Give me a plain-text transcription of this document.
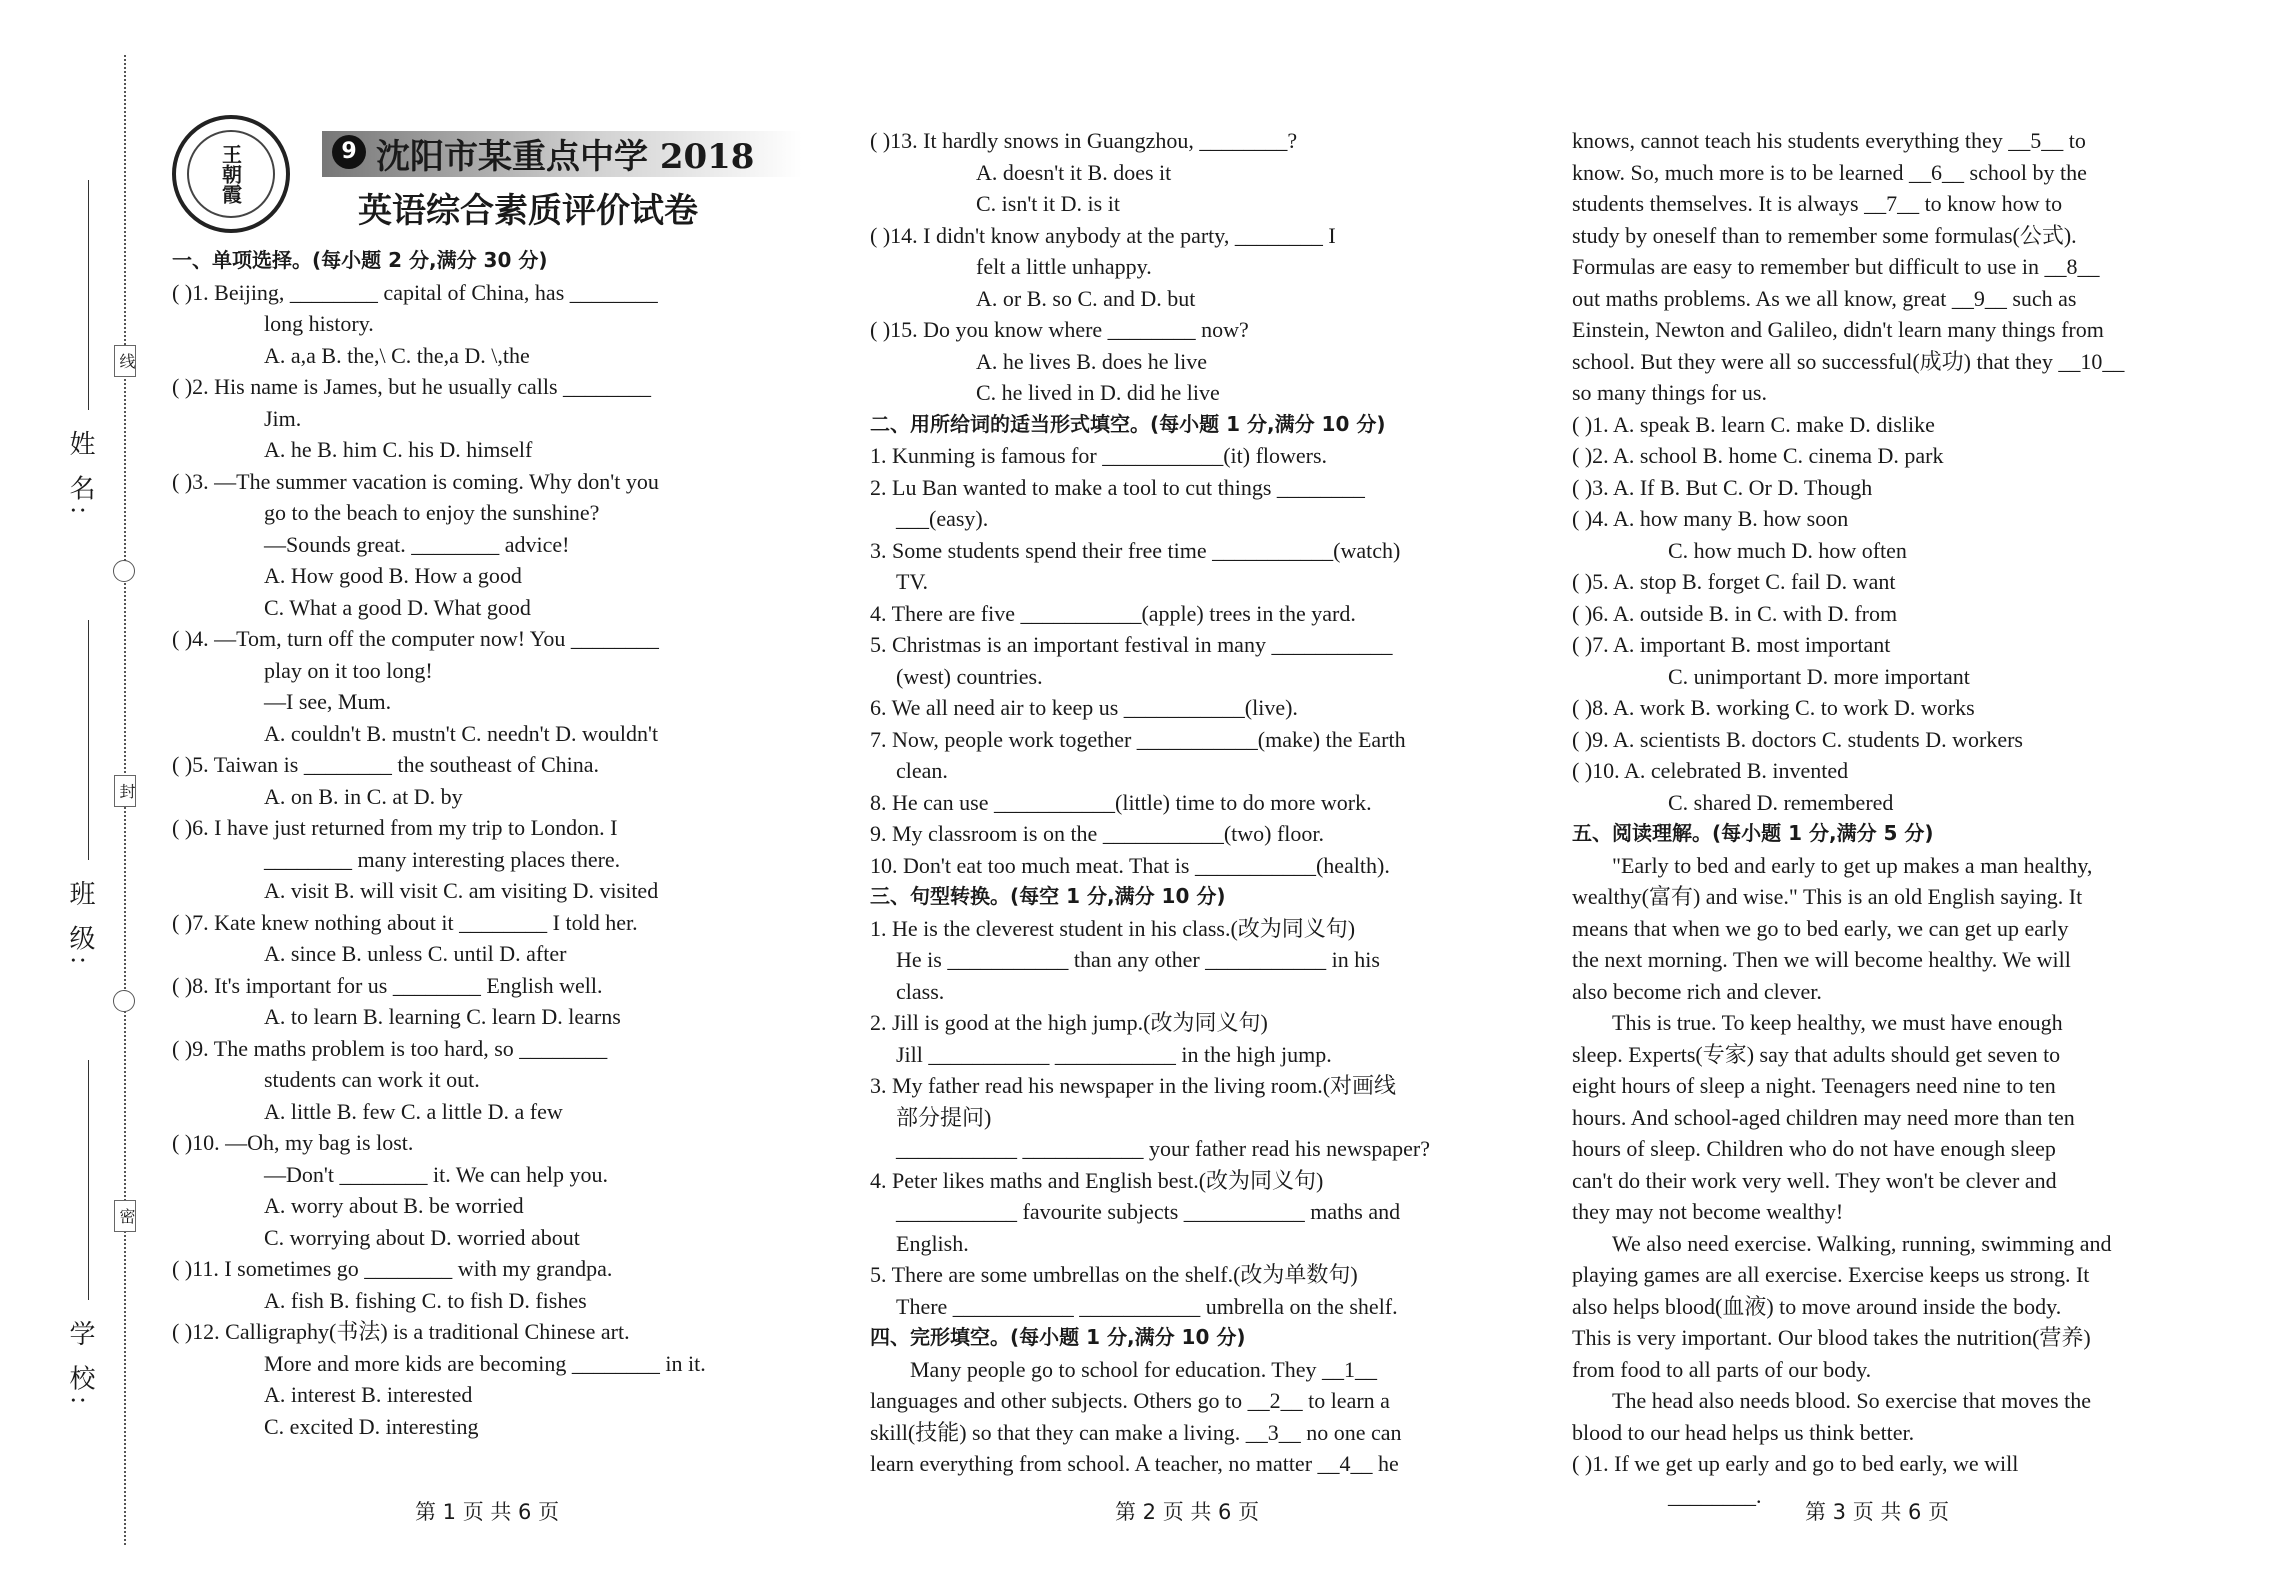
姓 名:
班 级:
学 校:
线
封
密
王朝霞	9 沈阳市某重点中学 2018
英语综合素质评价试卷
一、单项选择。(每小题 2 分,满分 30 分)
( )1. Beijing, ________ capital of China, has ________
long history.
A. a,a B. the,\ C. the,a D. \,the
( )2. His name is James, but he usually calls ________
Jim.
A. he B. him C. his D. himself
( )3. —The summer vacation is coming. Why don't you
go to the beach to enjoy the sunshine?
—Sounds great. ________ advice!
A. How good B. How a good
C. What a good D. What good
( )4. —Tom, turn off the computer now! You ________
play on it too long!
—I see, Mum.
A. couldn't B. mustn't C. needn't D. wouldn't
( )5. Taiwan is ________ the southeast of China.
A. on B. in C. at D. by
( )6. I have just returned from my trip to London. I
________ many interesting places there.
A. visit B. will visit C. am visiting D. visited
( )7. Kate knew nothing about it ________ I told her.
A. since B. unless C. until D. after
( )8. It's important for us ________ English well.
A. to learn B. learning C. learn D. learns
( )9. The maths problem is too hard, so ________
students can work it out.
A. little B. few C. a little D. a few
( )10. —Oh, my bag is lost.
—Don't ________ it. We can help you.
A. worry about B. be worried
C. worrying about D. worried about
( )11. I sometimes go ________ with my grandpa.
A. fish B. fishing C. to fish D. fishes
( )12. Calligraphy(书法) is a traditional Chinese art.
More and more kids are becoming ________ in it.
A. interest B. interested
C. excited D. interesting
( )13. It hardly snows in Guangzhou, ________?
A. doesn't it B. does it
C. isn't it D. is it
( )14. I didn't know anybody at the party, ________ I
felt a little unhappy.
A. or B. so C. and D. but
( )15. Do you know where ________ now?
A. he lives B. does he live
C. he lived in D. did he live
二、用所给词的适当形式填空。(每小题 1 分,满分 10 分)
1. Kunming is famous for ___________(it) flowers.
2. Lu Ban wanted to make a tool to cut things ________
___(easy).
3. Some students spend their free time ___________(watch)
TV.
4. There are five ___________(apple) trees in the yard.
5. Christmas is an important festival in many ___________
(west) countries.
6. We all need air to keep us ___________(live).
7. Now, people work together ___________(make) the Earth
clean.
8. He can use ___________(little) time to do more work.
9. My classroom is on the ___________(two) floor.
10. Don't eat too much meat. That is ___________(health).
三、句型转换。(每空 1 分,满分 10 分)
1. He is the cleverest student in his class.(改为同义句)
He is ___________ than any other ___________ in his
class.
2. Jill is good at the high jump.(改为同义句)
Jill ___________ ___________ in the high jump.
3. My father read his newspaper in the living room.(对画线
部分提问)
___________ ___________ your father read his newspaper?
4. Peter likes maths and English best.(改为同义句)
___________ favourite subjects ___________ maths and
English.
5. There are some umbrellas on the shelf.(改为单数句)
There ___________ ___________ umbrella on the shelf.
四、完形填空。(每小题 1 分,满分 10 分)
Many people go to school for education. They __1__
languages and other subjects. Others go to __2__ to learn a
skill(技能) so that they can make a living. __3__ no one can
learn everything from school. A teacher, no matter __4__ he
knows, cannot teach his students everything they __5__ to
know. So, much more is to be learned __6__ school by the
students themselves. It is always __7__ to know how to
study by oneself than to remember some formulas(公式).
Formulas are easy to remember but difficult to use in __8__
out maths problems. As we all know, great __9__ such as
Einstein, Newton and Galileo, didn't learn many things from
school. But they were all so successful(成功) that they __10__
so many things for us.
( )1. A. speak B. learn C. make D. dislike
( )2. A. school B. home C. cinema D. park
( )3. A. If B. But C. Or D. Though
( )4. A. how many B. how soon
C. how much D. how often
( )5. A. stop B. forget C. fail D. want
( )6. A. outside B. in C. with D. from
( )7. A. important B. most important
C. unimportant D. more important
( )8. A. work B. working C. to work D. works
( )9. A. scientists B. doctors C. students D. workers
( )10. A. celebrated B. invented
C. shared D. remembered
五、阅读理解。(每小题 1 分,满分 5 分)
"Early to bed and early to get up makes a man healthy,
wealthy(富有) and wise." This is an old English saying. It
means that when we go to bed early, we can get up early
the next morning. Then we will become healthy. We will
also become rich and clever.
This is true. To keep healthy, we must have enough
sleep. Experts(专家) say that adults should get seven to
eight hours of sleep a night. Teenagers need nine to ten
hours. And school-aged children may need more than ten
hours of sleep. Children who do not have enough sleep
can't do their work very well. They won't be clever and
they may not become wealthy!
We also need exercise. Walking, running, swimming and
playing games are all exercise. Exercise keeps us strong. It
also helps blood(血液) to move around inside the body.
This is very important. Our blood takes the nutrition(营养)
from food to all parts of our body.
The head also needs blood. So exercise that moves the
blood to our head helps us think better.
( )1. If we get up early and go to bed early, we will
________.
第 1 页 共 6 页	第 2 页 共 6 页	第 3 页 共 6 页
